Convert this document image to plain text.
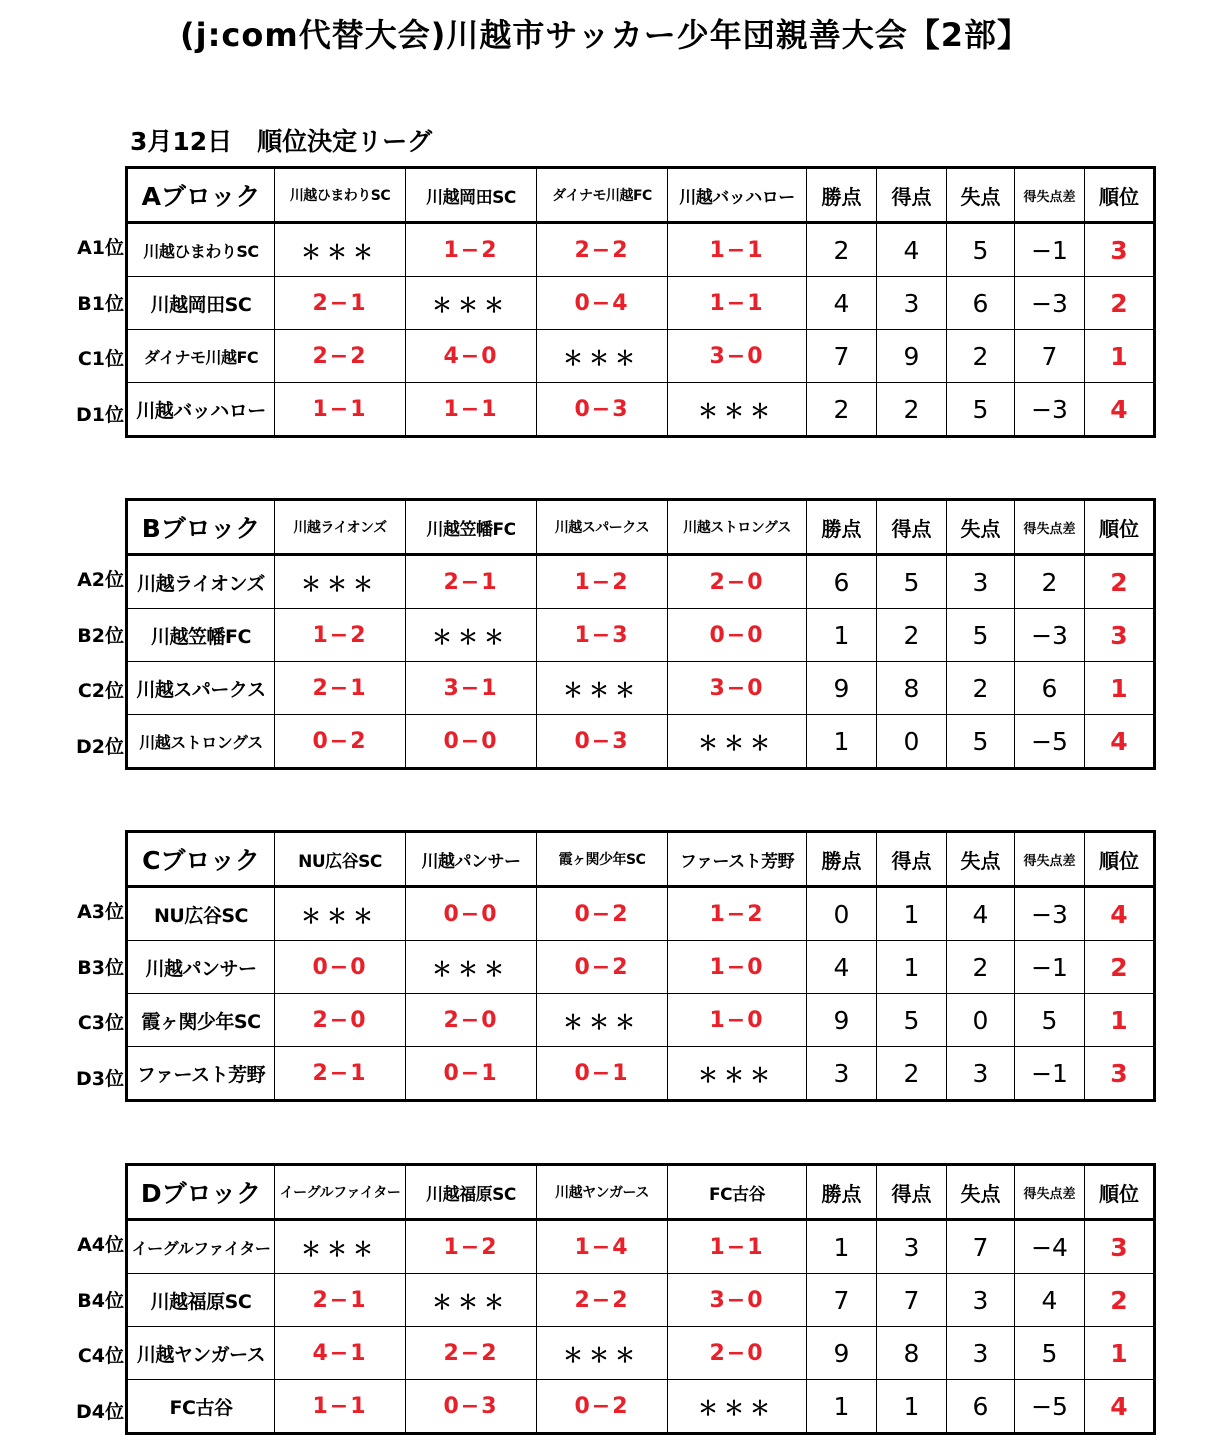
(j:com代替大会)川越市サッカー少年団親善大会【2部】
3月12日　順位決定リーグ
A1位
B1位
C1位
D1位
Aブロック	川越ひまわりSC	川越岡田SC	ダイナモ川越FC	川越バッハロー	勝点	得点	失点	得失点差	順位
川越ひまわりSC	＊＊＊	1−2	2−2	1−1	2	4	5	−1	3
川越岡田SC	2−1	＊＊＊	0−4	1−1	4	3	6	−3	2
ダイナモ川越FC	2−2	4−0	＊＊＊	3−0	7	9	2	7	1
川越バッハロー	1−1	1−1	0−3	＊＊＊	2	2	5	−3	4
A2位
B2位
C2位
D2位
Bブロック	川越ライオンズ	川越笠幡FC	川越スパークス	川越ストロングス	勝点	得点	失点	得失点差	順位
川越ライオンズ	＊＊＊	2−1	1−2	2−0	6	5	3	2	2
川越笠幡FC	1−2	＊＊＊	1−3	0−0	1	2	5	−3	3
川越スパークス	2−1	3−1	＊＊＊	3−0	9	8	2	6	1
川越ストロングス	0−2	0−0	0−3	＊＊＊	1	0	5	−5	4
A3位
B3位
C3位
D3位
Cブロック	NU広谷SC	川越パンサー	霞ヶ関少年SC	ファースト芳野	勝点	得点	失点	得失点差	順位
NU広谷SC	＊＊＊	0−0	0−2	1−2	0	1	4	−3	4
川越パンサー	0−0	＊＊＊	0−2	1−0	4	1	2	−1	2
霞ヶ関少年SC	2−0	2−0	＊＊＊	1−0	9	5	0	5	1
ファースト芳野	2−1	0−1	0−1	＊＊＊	3	2	3	−1	3
A4位
B4位
C4位
D4位
Dブロック	イーグルファイター	川越福原SC	川越ヤンガース	FC古谷	勝点	得点	失点	得失点差	順位
イーグルファイター	＊＊＊	1−2	1−4	1−1	1	3	7	−4	3
川越福原SC	2−1	＊＊＊	2−2	3−0	7	7	3	4	2
川越ヤンガース	4−1	2−2	＊＊＊	2−0	9	8	3	5	1
FC古谷	1−1	0−3	0−2	＊＊＊	1	1	6	−5	4
